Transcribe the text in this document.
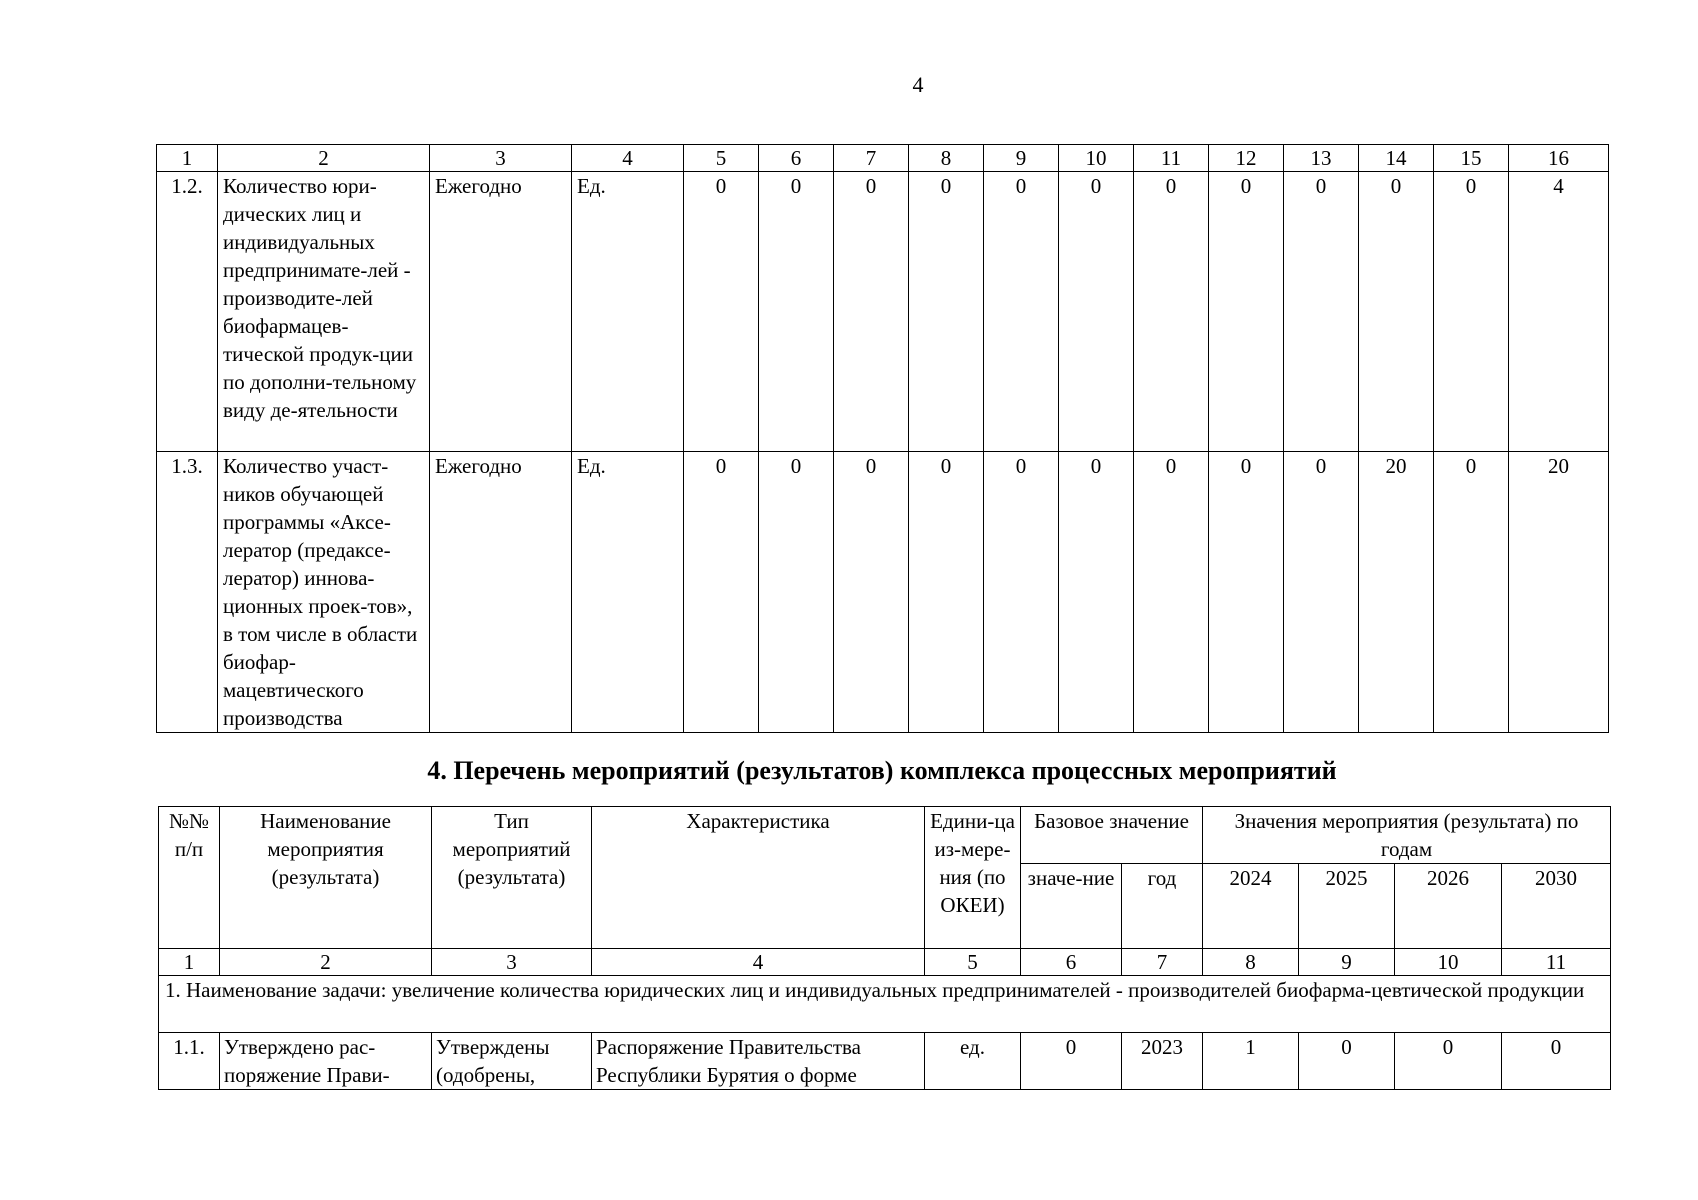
4
1	2	3	4	5	6	7	8	9	10	11	12	13	14	15	16
1.2.	Количество юри-дических лиц и индивидуальных предпринимате-лей - производите-лей биофармацев-тической продук-ции по дополни-тельному виду де-ятельности	Ежегодно	Ед.	0	0	0	0	0	0	0	0	0	0	0	4
1.3.	Количество участ-ников обучающей программы «Аксе-лератор (предаксе-лератор) иннова-ционных проек-тов», в том числе в области биофар-мацевтического производства	Ежегодно	Ед.	0	0	0	0	0	0	0	0	0	20	0	20
4. Перечень мероприятий (результатов) комплекса процессных мероприятий
№№ п/п	Наименование мероприятия (результата)	Тип мероприятий (результата)	Характеристика	Едини-ца из-мере-ния (по ОКЕИ)	Базовое значение		Значения мероприятия (результата) по годам			
					значе-ние	год	2024	2025	2026	2030
1	2	3	4	5	6	7	8	9	10	11
1. Наименование задачи: увеличение количества юридических лиц и индивидуальных предпринимателей - производителей биофарма-цевтической продукции										
1.1.	Утверждено рас-поряжение Прави-	Утверждены (одобрены,	Распоряжение Правительства Республики Бурятия о форме	ед.	0	2023	1	0	0	0
